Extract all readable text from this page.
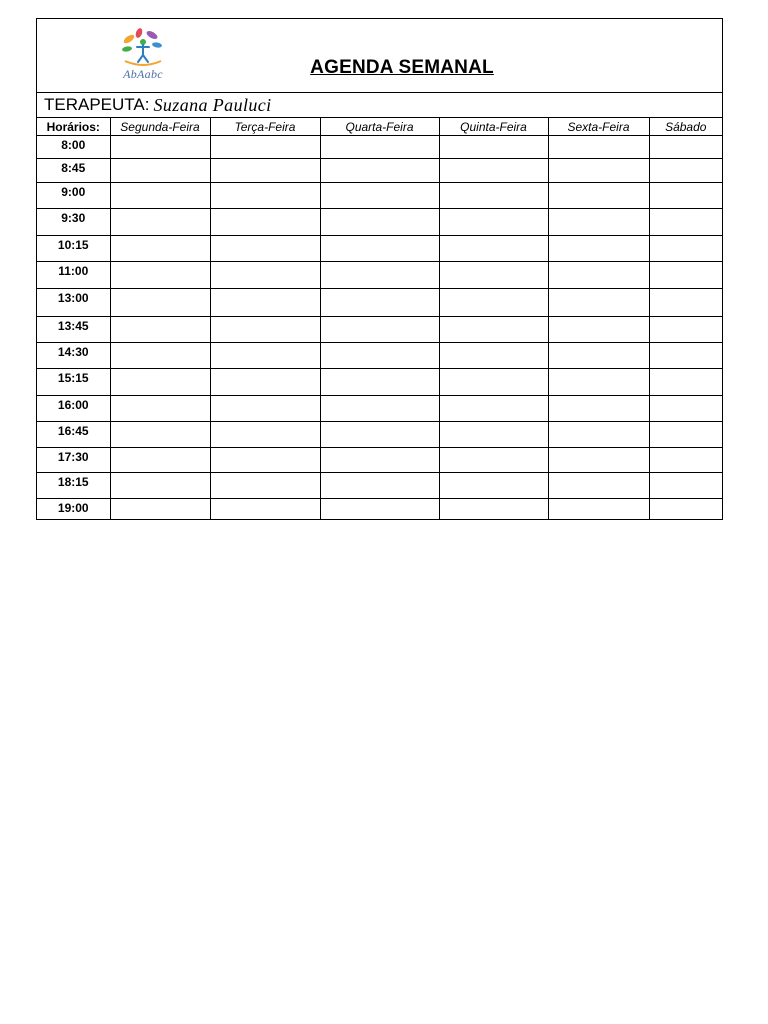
AbAabc	AGENDA SEMANAL
TERAPEUTA: Suzana Pauluci
Horários:	Segunda-Feira	Terça-Feira	Quarta-Feira	Quinta-Feira	Sexta-Feira	Sábado
8:00						
8:45						
9:00						
9:30						
10:15						
11:00						
13:00						
13:45						
14:30						
15:15						
16:00						
16:45						
17:30						
18:15						
19:00						
